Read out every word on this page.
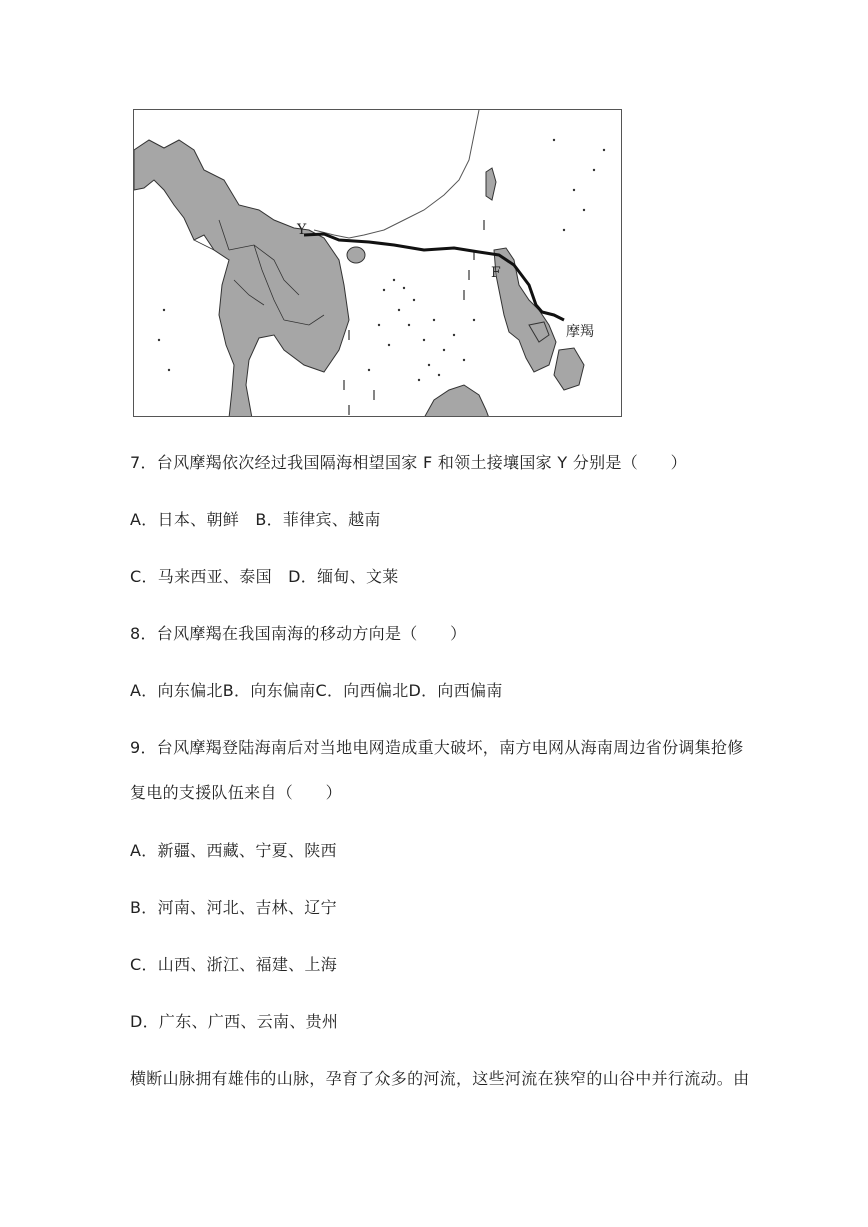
Y
F
摩羯
7．台风摩羯依次经过我国隔海相望国家 F 和领土接壤国家 Y 分别是（　　）
A．日本、朝鲜　B．菲律宾、越南
C．马来西亚、泰国　D．缅甸、文莱
8．台风摩羯在我国南海的移动方向是（　　）
A．向东偏北B．向东偏南C．向西偏北D．向西偏南
9．台风摩羯登陆海南后对当地电网造成重大破坏，南方电网从海南周边省份调集抢修
复电的支援队伍来自（　　）
A．新疆、西藏、宁夏、陕西
B．河南、河北、吉林、辽宁
C．山西、浙江、福建、上海
D．广东、广西、云南、贵州
横断山脉拥有雄伟的山脉，孕育了众多的河流，这些河流在狭窄的山谷中并行流动。由
